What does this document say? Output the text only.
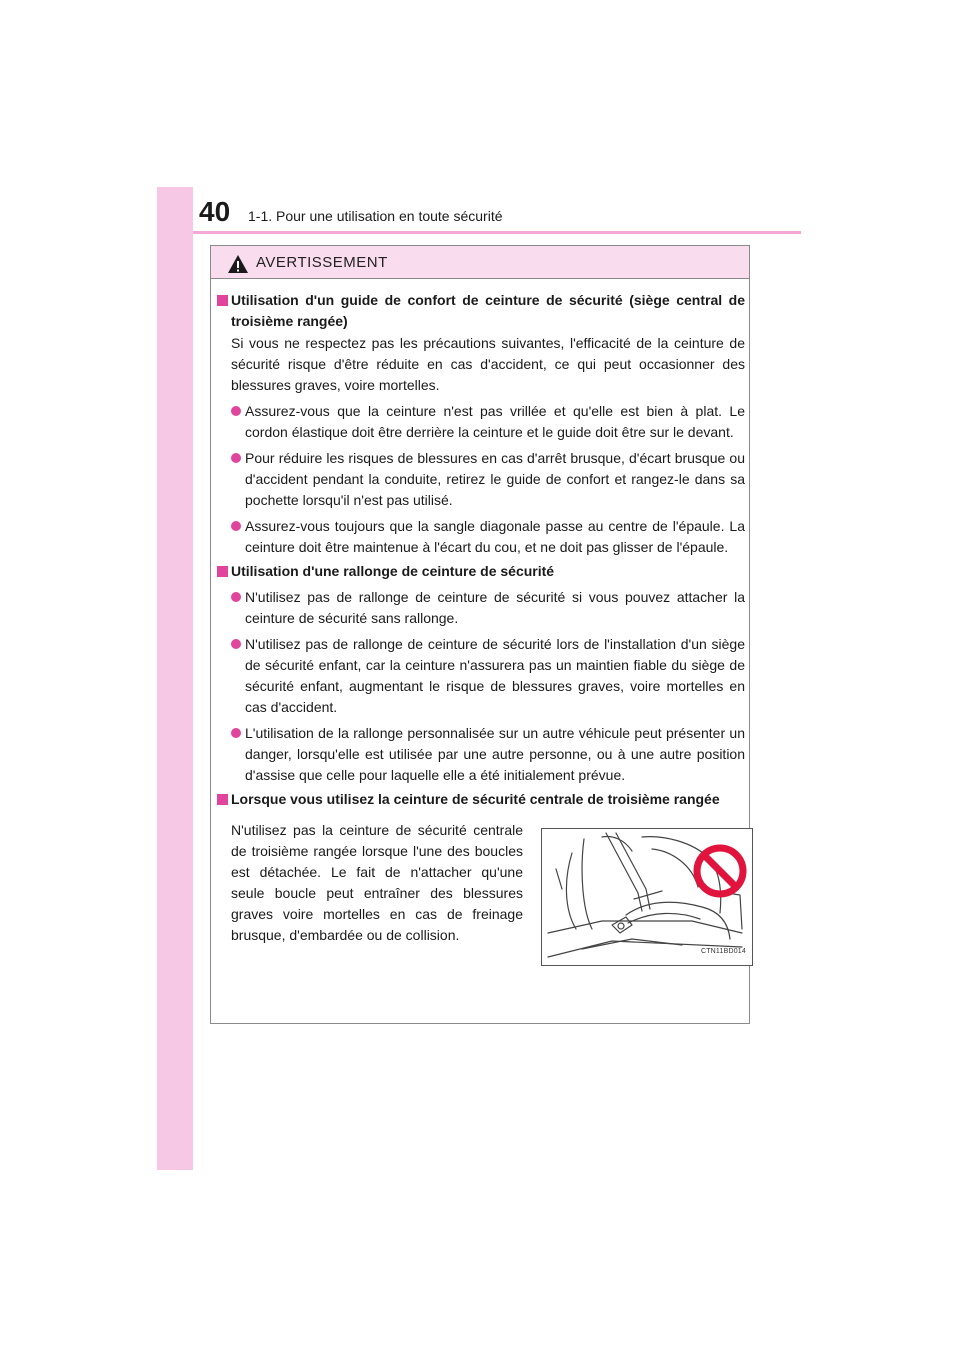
40 1-1. Pour une utilisation en toute sécurité
AVERTISSEMENT
Utilisation d'un guide de confort de ceinture de sécurité (siège central de troisième rangée)
Si vous ne respectez pas les précautions suivantes, l'efficacité de la ceinture de sécurité risque d'être réduite en cas d'accident, ce qui peut occasionner des blessures graves, voire mortelles.
Assurez-vous que la ceinture n'est pas vrillée et qu'elle est bien à plat. Le cordon élastique doit être derrière la ceinture et le guide doit être sur le devant.
Pour réduire les risques de blessures en cas d'arrêt brusque, d'écart brusque ou d'accident pendant la conduite, retirez le guide de confort et rangez-le dans sa pochette lorsqu'il n'est pas utilisé.
Assurez-vous toujours que la sangle diagonale passe au centre de l'épaule. La ceinture doit être maintenue à l'écart du cou, et ne doit pas glisser de l'épaule.
Utilisation d'une rallonge de ceinture de sécurité
N'utilisez pas de rallonge de ceinture de sécurité si vous pouvez attacher la ceinture de sécurité sans rallonge.
N'utilisez pas de rallonge de ceinture de sécurité lors de l'installation d'un siège de sécurité enfant, car la ceinture n'assurera pas un maintien fiable du siège de sécurité enfant, augmentant le risque de blessures graves, voire mortelles en cas d'accident.
L'utilisation de la rallonge personnalisée sur un autre véhicule peut présenter un danger, lorsqu'elle est utilisée par une autre personne, ou à une autre position d'assise que celle pour laquelle elle a été initialement prévue.
Lorsque vous utilisez la ceinture de sécurité centrale de troisième rangée
N'utilisez pas la ceinture de sécurité centrale de troisième rangée lorsque l'une des boucles est détachée. Le fait de n'attacher qu'une seule boucle peut entraîner des blessures graves voire mortelles en cas de freinage brusque, d'embardée ou de collision.
CTN11BD014
